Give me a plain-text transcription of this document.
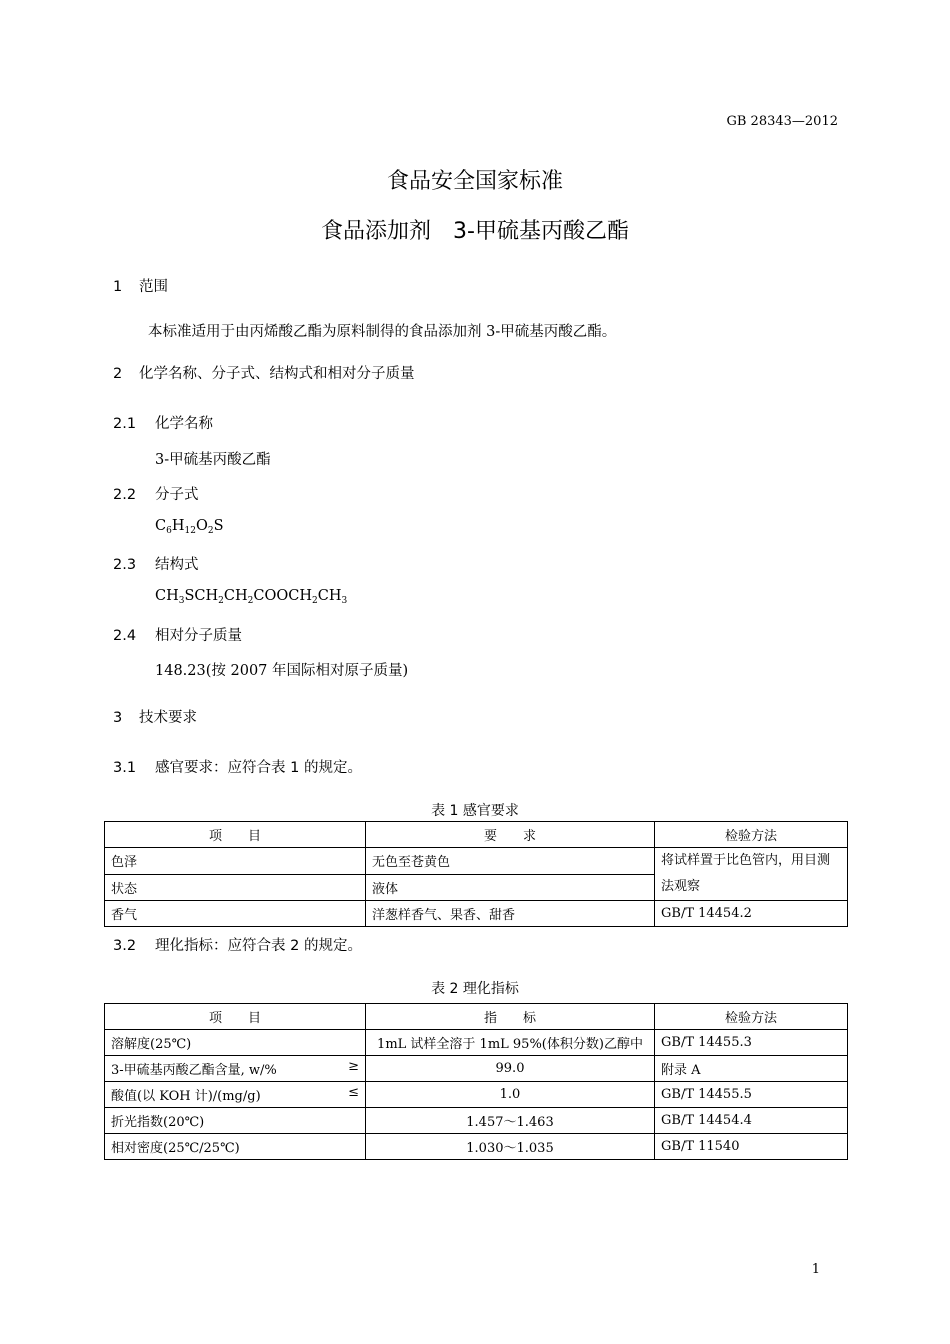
GB 28343—2012
食品安全国家标准
食品添加剂　3-甲硫基丙酸乙酯
1 范围
本标准适用于由丙烯酸乙酯为原料制得的食品添加剂 3-甲硫基丙酸乙酯。
2 化学名称、分子式、结构式和相对分子质量
2.1 化学名称
3-甲硫基丙酸乙酯
2.2 分子式
$C_6H_{12}O_2S$
2.3 结构式
$CH_3SCH_2CH_2COOCH_2CH_3$
2.4 相对分子质量
148.23(按 2007 年国际相对原子质量)
3 技术要求
3.1 感官要求：应符合表 1 的规定。
表 1 感官要求
项　　目	要　　求	检验方法
色泽	无色至苍黄色	将试样置于比色管内，用目测法观察
状态	液体	
香气	洋葱样香气、果香、甜香	GB/T 14454.2
3.2 理化指标：应符合表 2 的规定。
表 2 理化指标
项　　目	指　　标	检验方法
溶解度(25℃)	1mL 试样全溶于 1mL 95%(体积分数)乙醇中	GB/T 14455.3
3-甲硫基丙酸乙酯含量, w/% ≥	99.0	附录 A
酸值(以 KOH 计)/(mg/g) ≤	1.0	GB/T 14455.5
折光指数(20℃)	1.457～1.463	GB/T 14454.4
相对密度(25℃/25℃)	1.030～1.035	GB/T 11540
1
